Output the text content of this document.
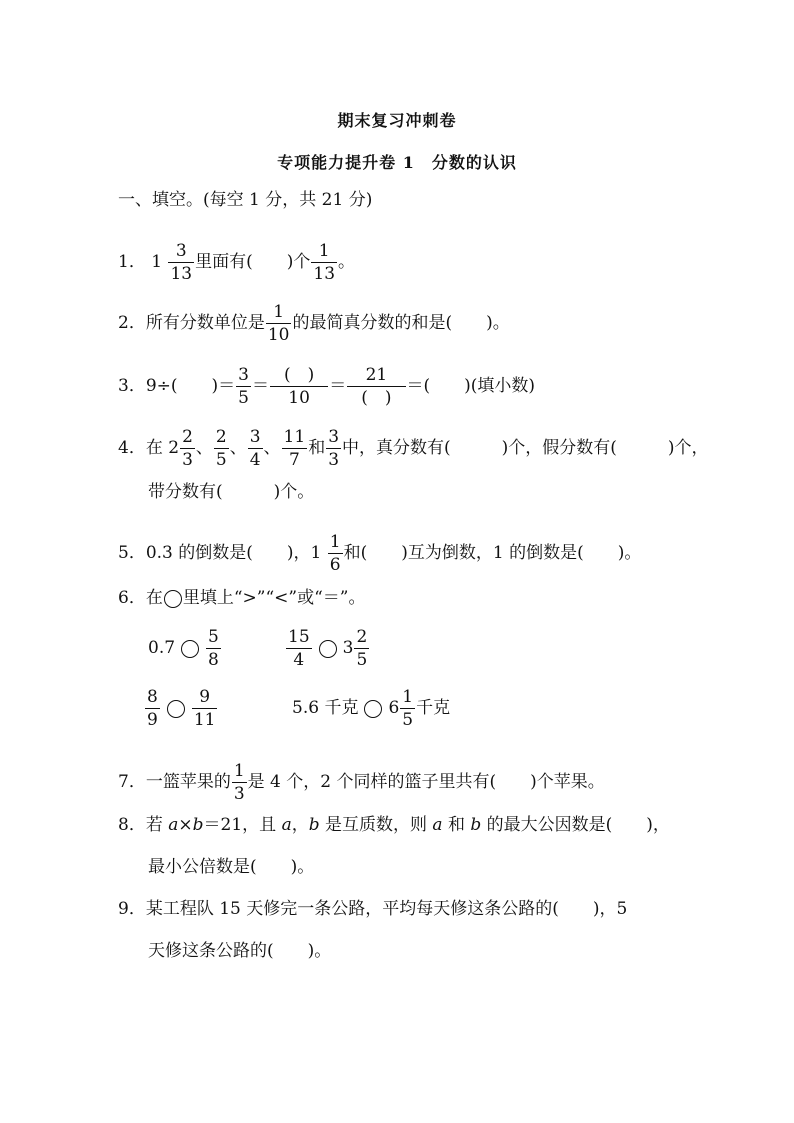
期末复习冲刺卷
专项能力提升卷 1　分数的认识
一、填空。(每空 1 分，共 21 分)
1． $1 \frac{3}{13}$ 里面有(　　)个 $\frac{1}{13}$ 。
2．所有分数单位是 $\frac{1}{10}$ 的最简真分数的和是(　　)。
3．9÷(　　)＝ $\frac{3}{5} = \frac{( )}{10} = \frac{21}{( )}$ ＝(　　)(填小数)
4．在 $2 \frac{2}{3}$ 、 $\frac{2}{5}$ 、 $\frac{3}{4}$ 、 $\frac{11}{7}$ 和 $\frac{3}{3}$ 中，真分数有(　　　)个，假分数有(　　　)个，
带分数有(　　　)个。
5．0.3 的倒数是(　　)，$1 \frac{1}{6}$ 和(　　)互为倒数，1 的倒数是(　　)。
6．在 里填上“>”“<”或“＝”。
$0.7 \frac{5}{8}$	$\frac{15}{4} 3 \frac{2}{5}$
$\frac{8}{9} \frac{9}{11}$	5.6 千克 $6 \frac{1}{5}$ 千克
7．一篮苹果的 $\frac{1}{3}$ 是 4 个，2 个同样的篮子里共有(　　)个苹果。
8．若 a×b＝21，且 a，b 是互质数，则 a 和 b 的最大公因数是(　　)，
最小公倍数是(　　)。
9．某工程队 15 天修完一条公路，平均每天修这条公路的(　　)，5
天修这条公路的(　　)。
